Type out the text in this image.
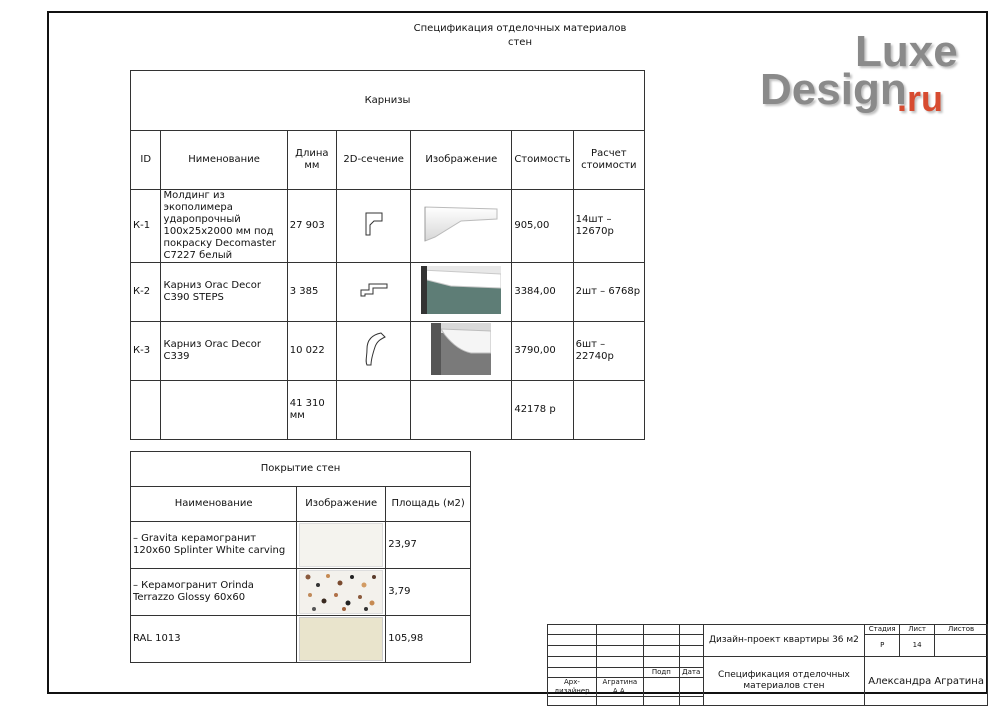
Спецификация отделочных материалов
стен	Luxe
Design
.ru
Карнизы						
ID	Нименование	Длина мм	2D-сечение	Изображение	Стоимость	Расчет стоимости
К-1	Молдинг из экополимера ударопрочный 100х25х2000 мм под покраску Decomaster C7227 белый	27 903			905,00	14шт – 12670р
К-2	Карниз Orac Decor C390 STEPS	3 385			3384,00	2шт – 6768р
К-3	Карниз Orac Decor C339	10 022			3790,00	6шт – 22740р
		41 310 мм			42178 р	
Покрытие стен		
Наименование	Изображение	Площадь (м2)
– Gravita керамогранит 120х60 Splinter White carving		23,97
– Керамогранит Orinda Terrazzo Glossy 60х60		3,79
RAL 1013		105,98
					Дизайн-проект квартиры 36 м2	Стадия	Лист	Листов
					Р	14	

				Спецификация отделочных материалов стен	Александра Агратина		
		Подп	Дата				
Арх-дизайнер	Агратина А.А.						
